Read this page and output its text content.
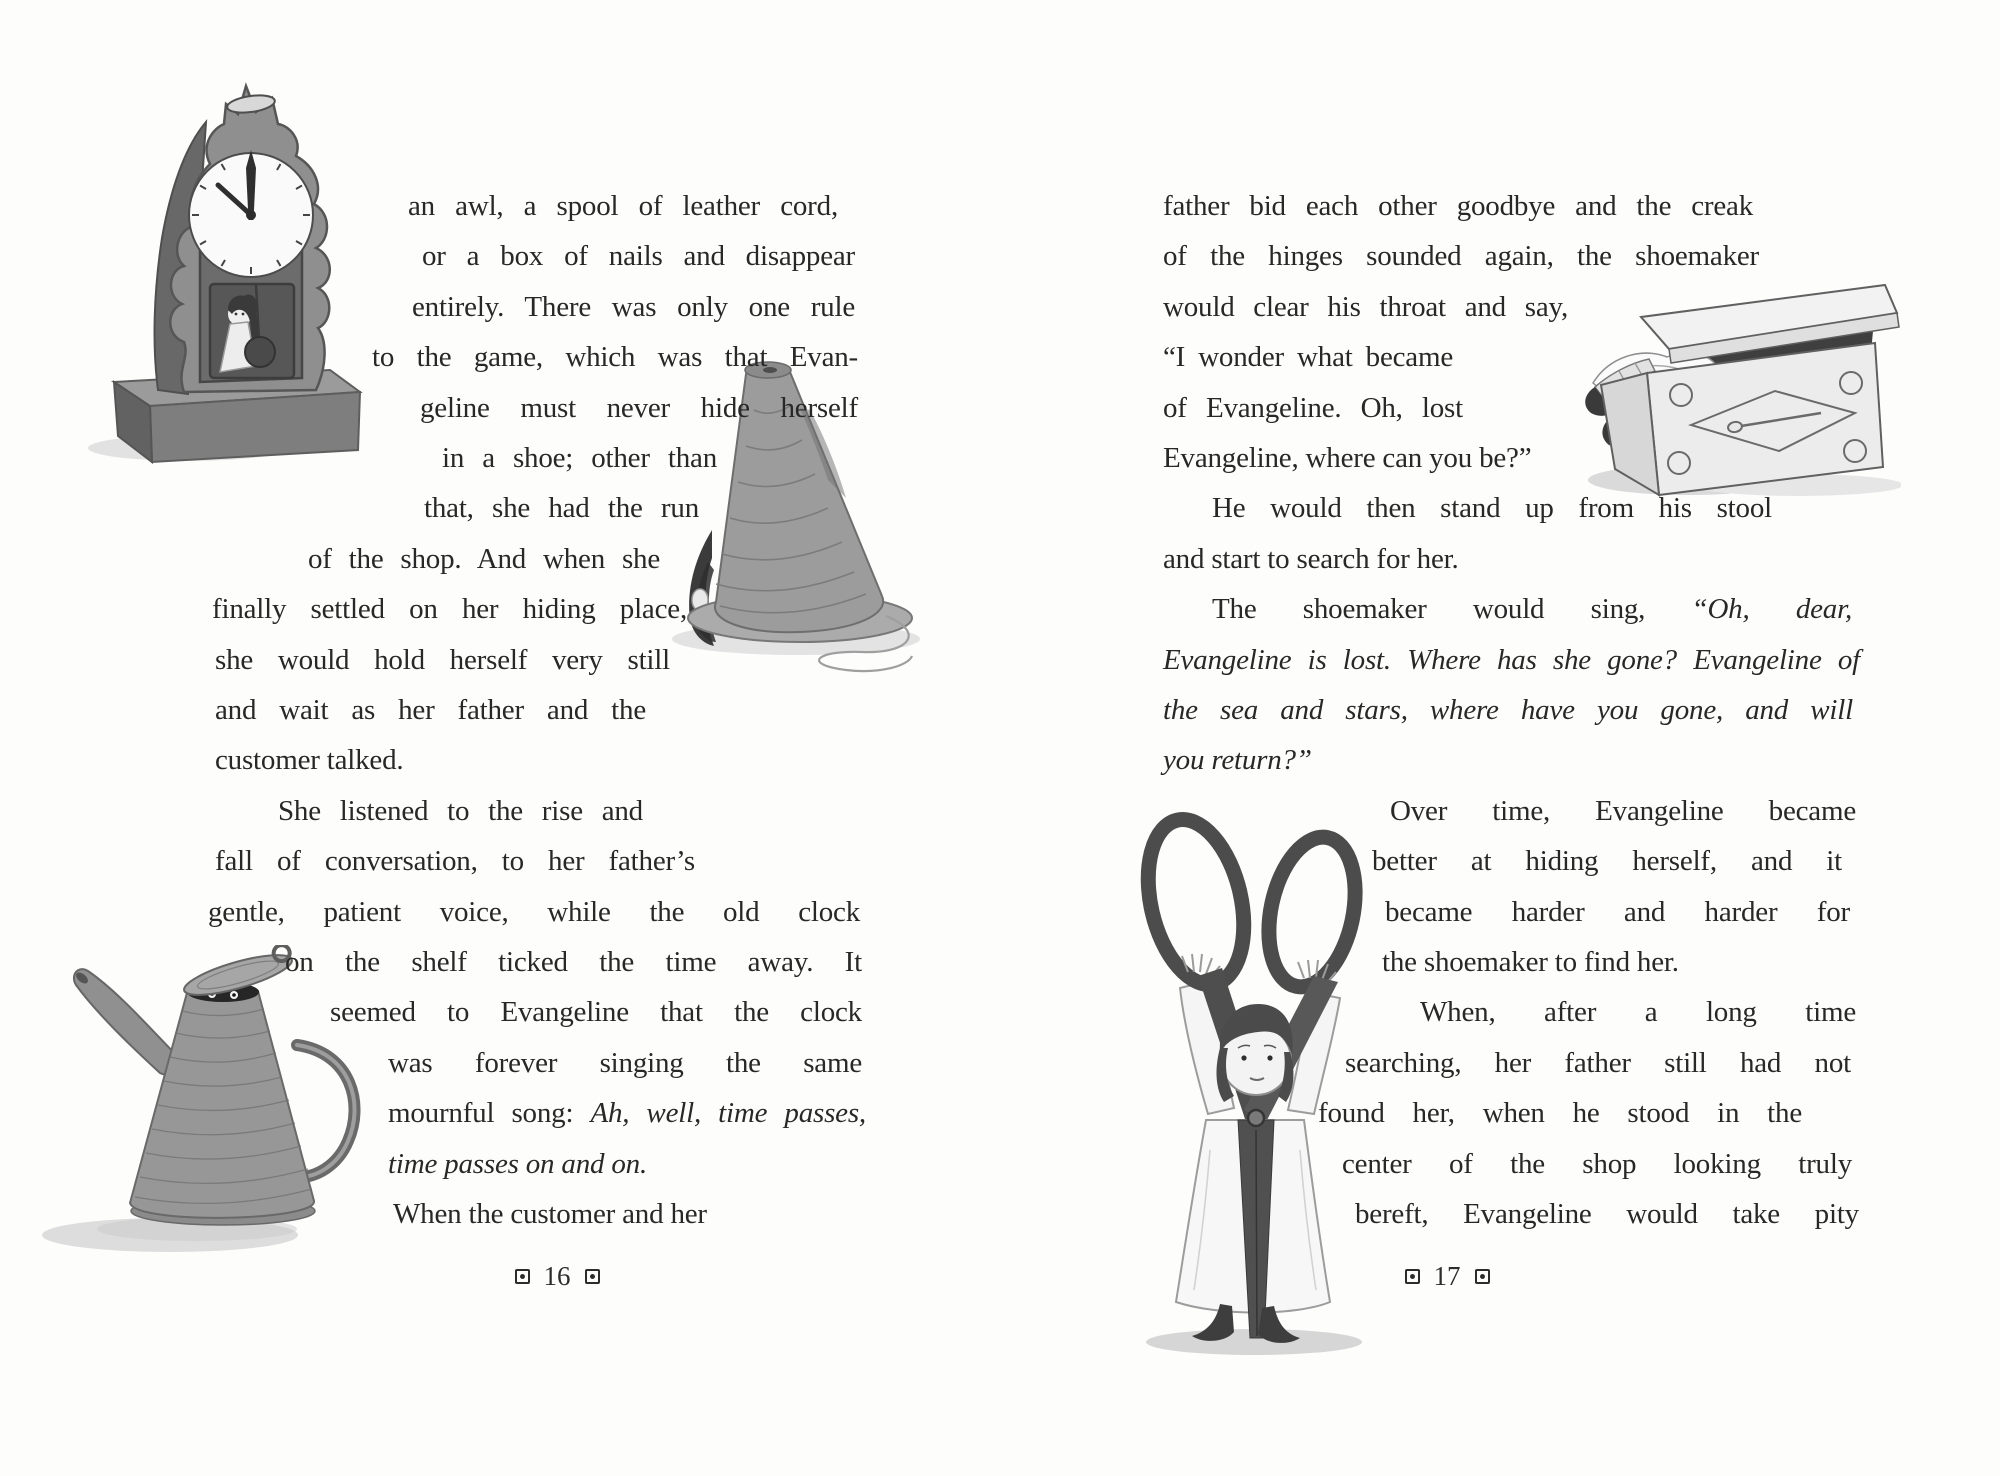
an awl, a spool of leather cord,
or a box of nails and disappear
entirely. There was only one rule
to the game, which was that Evan-
geline must never hide herself
in a shoe; other than
that, she had the run
of the shop. And when she
finally settled on her hiding place,
she would hold herself very still
and wait as her father and the
customer talked.
She listened to the rise and
fall of conversation, to her father’s
gentle, patient voice, while the old clock
on the shelf ticked the time away. It
seemed to Evangeline that the clock
was forever singing the same
mournful song: Ah, well, time passes,
time passes on and on.
When the customer and her
16
father bid each other goodbye and the creak
of the hinges sounded again, the shoemaker
would clear his throat and say,
“I wonder what became
of Evangeline. Oh, lost
Evangeline, where can you be?”
He would then stand up from his stool
and start to search for her.
The shoemaker would sing, “Oh, dear,
Evangeline is lost. Where has she gone? Evangeline of
the sea and stars, where have you gone, and will
you return?”
Over time, Evangeline became
better at hiding herself, and it
became harder and harder for
the shoemaker to find her.
When, after a long time
searching, her father still had not
found her, when he stood in the
center of the shop looking truly
bereft, Evangeline would take pity
17
